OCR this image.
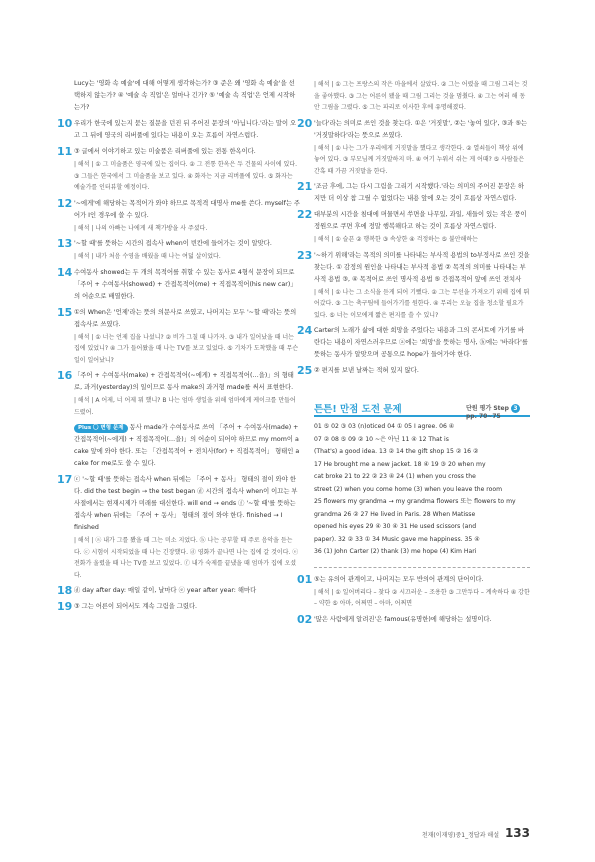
Lucy는 '영화 속 예술'에 대해 어떻게 생각하는가? ③ 준은 왜 '영화 속 예술'을 선택하지 않는가? ④ '예술 속 직업'은 얼마나 긴가? ⑤ '예술 속 직업'은 언제 시작하는가?

10 우리가 한국에 있는지 묻는 질문을 던진 뒤 주어진 문장의 '아닙니다.'라는 말이 오고 그 뒤에 영국의 리버풀에 있다는 내용이 오는 흐름이 자연스럽다.

11 ③ 글에서 이야기하고 있는 미술품은 리버풀에 있는 전통 한옥이다.

| 해석 | ① 그 미술품은 영국에 있는 집이다. ② 그 전통 한옥은 두 건물의 사이에 있다. ③ 그들은 한국에서 그 미술품을 보고 있다. ④ 화자는 지금 리버풀에 있다. ⑤ 화자는 예술가를 인터뷰할 예정이다.

12 '~에게'에 해당하는 목적어가 와야 하므로 목적격 대명사 me를 쓴다. myself는 주어가 I인 경우에 쓸 수 있다.

| 해석 | 나의 아빠는 나에게 새 책가방을 사 주셨다.

13 '~할 때'를 뜻하는 시간의 접속사 when이 빈칸에 들어가는 것이 알맞다.

| 해석 | 내가 처음 수영을 배웠을 때 나는 여덟 살이었다.

14 수여동사 showed는 두 개의 목적어를 취할 수 있는 동사로 4형식 문장이 되므로 「주어 + 수여동사(showed) + 간접목적어(me) + 직접목적어(his new car)」의 어순으로 배열한다.

15 ①의 When은 '언제'라는 뜻의 의문사로 쓰였고, 나머지는 모두 '~할 때'라는 뜻의 접속사로 쓰였다.

| 해석 | ① 너는 언제 집을 나섰니? ② 비가 그칠 때 나가자. ③ 내가 일어났을 때 너는 집에 있었니? ④ 그가 들어왔을 때 나는 TV를 보고 있었다. ⑤ 기차가 도착했을 때 무슨 일이 일어났니?

16 「주어 + 수여동사(make) + 간접목적어(~에게) + 직접목적어(…을)」의 형태로, 과거(yesterday)의 일이므로 동사 make의 과거형 made를 써서 표현한다.

| 해석 | A 어제, 너 어제 뭐 했니? B 나는 엄마 생일을 위해 엄마에게 케이크를 만들어 드렸어.

Plus 〇 변형 문제 동사 made가 수여동사로 쓰여 「주어 + 수여동사(made) + 간접목적어(~에게) + 직접목적어(…을)」의 어순이 되어야 하므로 my mom이 a cake 앞에 와야 한다. 또는 「간접목적어 + 전치사(for) + 직접목적어」 형태인 a cake for me로도 쓸 수 있다.

17 ⓒ '~할 때'를 뜻하는 접속사 when 뒤에는 「주어 + 동사」 형태의 절이 와야 한다. did the test begin → the test began ⓓ 시간의 접속사 when이 이끄는 부사절에서는 현재시제가 미래를 대신한다. will end → ends ⓕ '~할 때'를 뜻하는 접속사 when 뒤에는 「주어 + 동사」 형태의 절이 와야 한다. finished → I finished

| 해석 | ⓐ 내가 그를 봤을 때 그는 미소 지었다. ⓑ 나는 공부할 때 주로 음악을 듣는다. ⓒ 시험이 시작되었을 때 나는 긴장했다. ⓓ 영화가 끝나면 나는 집에 갈 것이다. ⓔ 전화가 울렸을 때 나는 TV를 보고 있었다. ⓕ 내가 숙제를 끝냈을 때 엄마가 집에 오셨다.

18 ⓓ day after day: 매일 같이, 날마다 ⓔ year after year: 해마다

19 ③ 그는 어른이 되어서도 계속 그림을 그렸다.

| 해석 | ① 그는 프랑스의 작은 마을에서 살았다. ② 그는 어렸을 때 그림 그리는 것을 좋아했다. ③ 그는 어른이 됐을 때 그림 그리는 것을 멈췄다. ④ 그는 여러 해 동안 그림을 그렸다. ⑤ 그는 파리로 이사한 후에 유명해졌다.

20 '늘다'라는 의미로 쓰인 것을 찾는다. ①은 '거짓말', ②는 '놓여 있다', ③과 ⑤는 '거짓말하다'라는 뜻으로 쓰였다.

| 해석 | ① 나는 그가 우리에게 거짓말을 했다고 생각한다. ② 열쇠들이 책상 위에 놓여 있다. ③ 부모님께 거짓말하지 마. ④ 여기 누워서 쉬는 게 어때? ⑤ 사람들은 간혹 때 가끔 거짓말을 한다.

21 '조금 후에, 그는 다시 그림을 그리기 시작했다.'라는 의미의 주어진 문장은 하지만 더 이상 참 그릴 수 없었다는 내용 앞에 오는 것이 흐름상 자연스럽다.

22 대부분의 시간을 침대에 머물면서 쑤면을 나무있, 과일, 새들이 있는 작은 풍이 정원으로 쿠면 후에 정말 행복해다고 하는 것이 흐름상 자연스럽다.

| 해석 | ① 슬픈 ② 행복한 ③ 속상한 ④ 걱정하는 ⑤ 불안해하는

23 '~하기 위해'라는 목적의 의미를 나타내는 부사적 용법의 to부정사로 쓰인 것을 찾는다. ① 감정의 원인을 나타내는 부사적 용법 ② 목적의 의미를 나타내는 부사적 용법 ③, ④ 목적어로 쓰인 명사적 용법 ⑤ 간접목적어 앞에 쓰인 전치사

| 해석 | ① 나는 그 소식을 듣게 되어 기뻤다. ② 그는 무선을 가져오기 위해 집에 뛰어갔다. ③ 그는 축구팀에 들어가기를 원한다. ④ 무리는 오늘 집을 청소할 필요가 있다. ⑤ 너는 이모에게 짧은 편지를 쓸 수 있니?

24 Carter의 노래가 삶에 대한 희망을 주었다는 내용과 그의 콘서트에 가기를 바란다는 내용이 자연스러우므로 ⓐ에는 '희망'을 뜻하는 명사, ⓑ에는 '바라다'를 뜻하는 동사가 알맞으며 공통으로 hope가 들어가야 한다.

25 ② 편지를 보낸 날짜는 적혀 있지 않다.

튼튼! 만점 도전 문제	단원 평가 Step 3 pp. 70~75
01 ⑤ 02 ③ 03 (n)oticed 04 ① 05 I agree. 06 ④
07 ② 08 ⑤ 09 ② 10 ~은 아닌 11 ④ 12 That is
(That's) a good idea. 13 ② 14 the gift shop 15 ② 16 ②
17 He brought me a new jacket. 18 ④ 19 ③ 20 when my
cat broke 21 to 22 ② 23 ④ 24 (1) when you cross the
street (2) when you come home (3) when you leave the room
25 flowers my grandma → my grandma flowers 또는 flowers to my
grandma 26 ② 27 He lived in Paris. 28 When Matisse
opened his eyes 29 ④ 30 ④ 31 He used scissors (and
paper). 32 ② 33 ① 34 Music gave me happiness. 35 ④
36 (1) John Carter (2) thank (3) me hope (4) Kim Hari
01 ⑤는 유의어 관계이고, 나머지는 모두 반의어 관계의 단어이다.

| 해석 | ① 일어버리다 – 찾다 ② 시끄러운 – 조용한 ③ 그만두다 – 계속하다 ④ 강한 – 약한 ⑤ 아마, 어쩌면 – 아마, 어쩌면

02 '많은 사람에게 알려진'은 famous(유명한)에 해당하는 설명이다.

천재(이재영)중1_정답과 해설 133
